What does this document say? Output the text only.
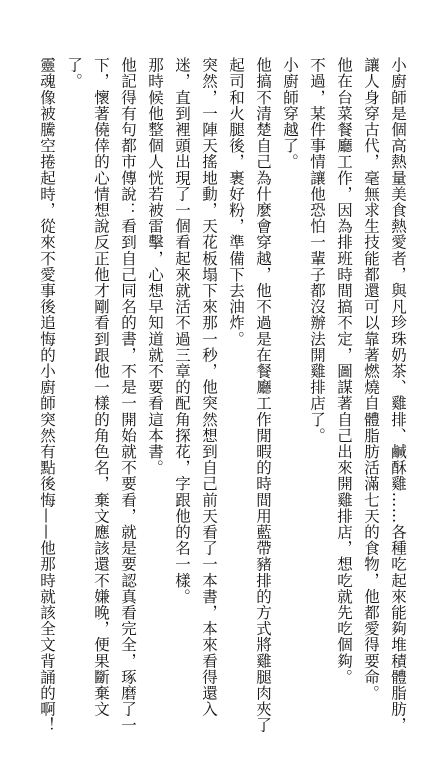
小廚師是個高熱量美食熱愛者，與凡珍珠奶茶、雞排、鹹酥雞……各種吃起來能夠堆積體脂肪，讓人身穿古代，毫無求生技能都還可以靠著燃燒自體脂肪活滿七天的食物，他都愛得要命。

他在台菜餐廳工作，因為排班時間搞不定，圖謀著自己出來開雞排店，想吃就先吃個夠。

不過，某件事情讓他恐怕一輩子都沒辦法開雞排店了。

小廚師穿越了。

他搞不清楚自己為什麼會穿越，他不過是在餐廳工作閒暇的時間用藍帶豬排的方式將雞腿肉夾了起司和火腿後，裹好粉，準備下去油炸。

突然，一陣天搖地動，天花板塌下來那一秒，他突然想到自己前天看了一本書，本來看得還入迷，直到裡頭出現了一個看起來就活不過三章的配角探花，字跟他的名一樣。

那時候他整個人恍若被雷擊，心想早知道就不要看這本書。

他記得有句都市傳說：看到自己同名的書，不是一開始就不要看，就是要認真看完全，琢磨了一下，懷著僥倖的心情想說反正他才剛看到跟他一樣的角色名，棄文應該還不嫌晚，便果斷棄文了。

靈魂像被騰空捲起時，從來不愛事後追悔的小廚師突然有點後悔——他那時就該全文背誦的啊！
